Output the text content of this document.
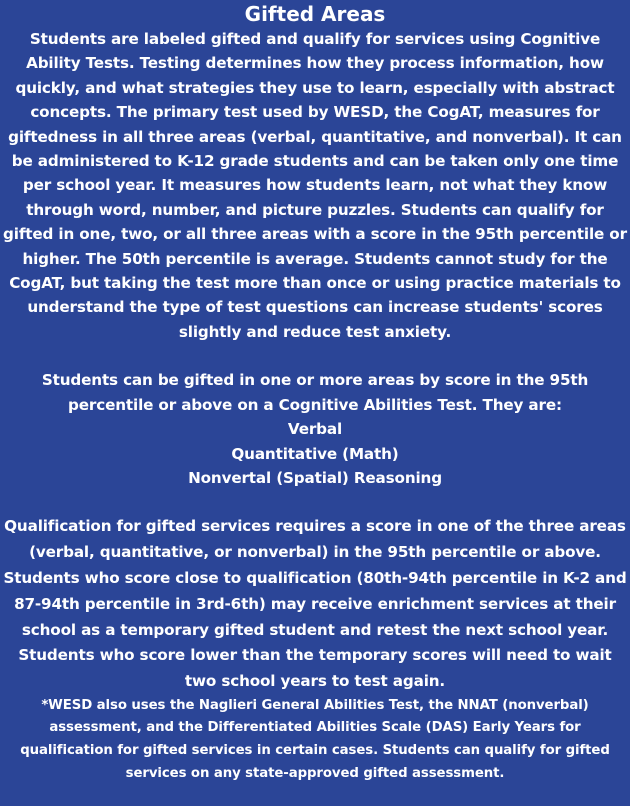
Gifted Areas

Students are labeled gifted and qualify for services using Cognitive Ability Tests. Testing determines how they process information, how quickly, and what strategies they use to learn, especially with abstract concepts. The primary test used by WESD, the CogAT, measures for giftedness in all three areas (verbal, quantitative, and nonverbal). It can be administered to K-12 grade students and can be taken only one time per school year. It measures how students learn, not what they know through word, number, and picture puzzles. Students can qualify for gifted in one, two, or all three areas with a score in the 95th percentile or higher. The 50th percentile is average. Students cannot study for the CogAT, but taking the test more than once or using practice materials to understand the type of test questions can increase students' scores slightly and reduce test anxiety.

Students can be gifted in one or more areas by score in the 95th percentile or above on a Cognitive Abilities Test. They are:
Verbal
Quantitative (Math)
Nonvertal (Spatial) Reasoning

Qualification for gifted services requires a score in one of the three areas (verbal, quantitative, or nonverbal) in the 95th percentile or above. Students who score close to qualification (80th-94th percentile in K-2 and 87-94th percentile in 3rd-6th) may receive enrichment services at their school as a temporary gifted student and retest the next school year. Students who score lower than the temporary scores will need to wait two school years to test again.

*WESD also uses the Naglieri General Abilities Test, the NNAT (nonverbal) assessment, and the Differentiated Abilities Scale (DAS) Early Years for qualification for gifted services in certain cases. Students can qualify for gifted services on any state-approved gifted assessment.
